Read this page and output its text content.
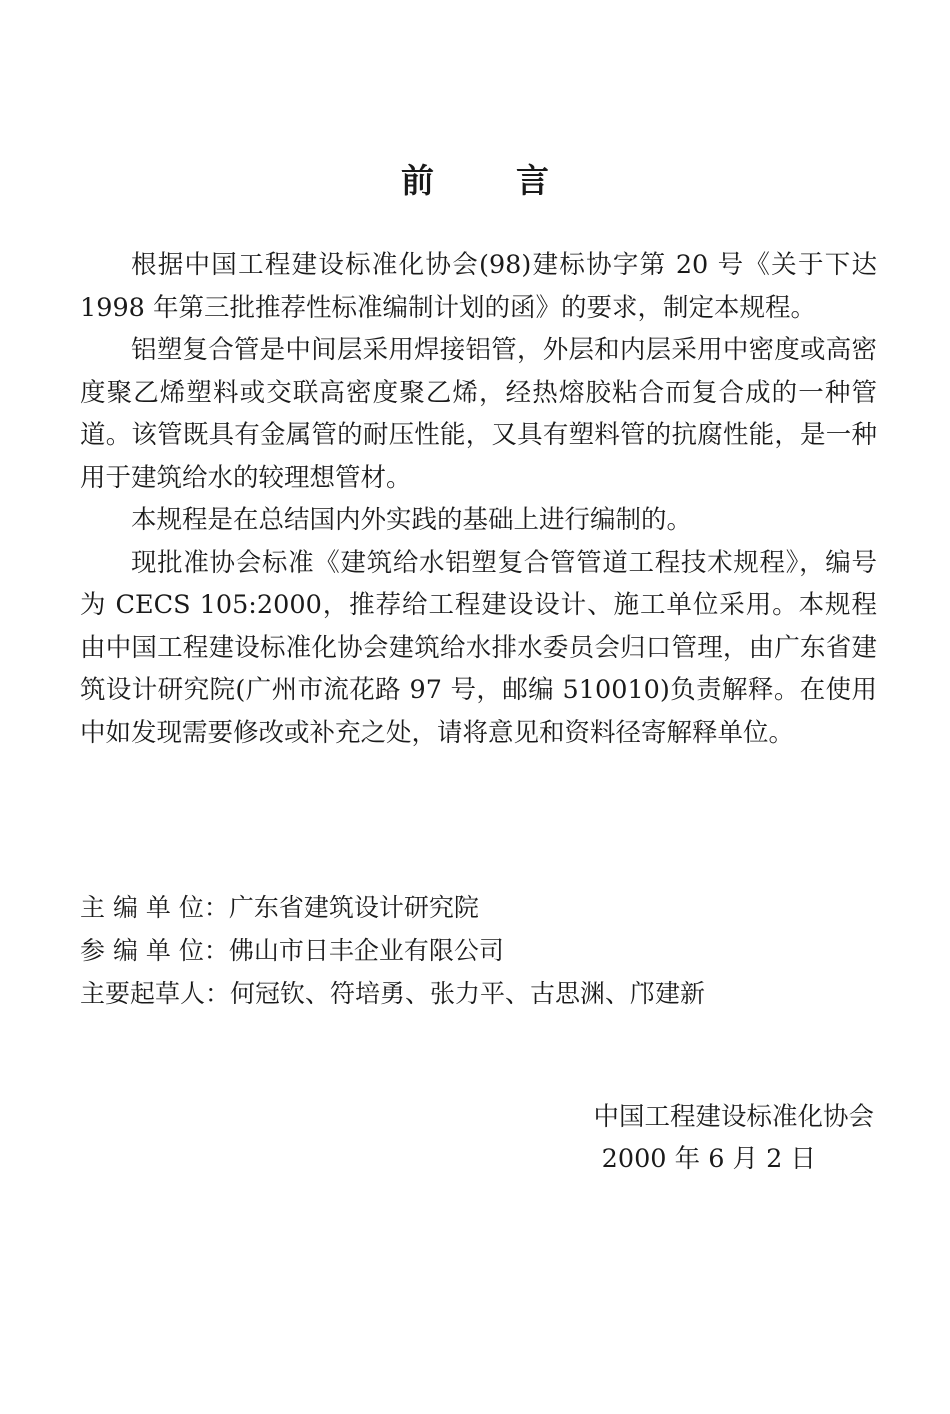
前 言

根据中国工程建设标准化协会(98)建标协字第 20 号《关于下达 1998 年第三批推荐性标准编制计划的函》的要求，制定本规程。

铝塑复合管是中间层采用焊接铝管，外层和内层采用中密度或高密度聚乙烯塑料或交联高密度聚乙烯，经热熔胶粘合而复合成的一种管道。该管既具有金属管的耐压性能，又具有塑料管的抗腐性能，是一种用于建筑给水的较理想管材。

本规程是在总结国内外实践的基础上进行编制的。

现批准协会标准《建筑给水铝塑复合管管道工程技术规程》，编号为 CECS 105:2000，推荐给工程建设设计、施工单位采用。本规程由中国工程建设标准化协会建筑给水排水委员会归口管理，由广东省建筑设计研究院(广州市流花路 97 号，邮编 510010)负责解释。在使用中如发现需要修改或补充之处，请将意见和资料径寄解释单位。

主 编 单 位：广东省建筑设计研究院
参 编 单 位：佛山市日丰企业有限公司
主要起草人：何冠钦、符培勇、张力平、古思渊、邝建新
中国工程建设标准化协会
2000 年 6 月 2 日
